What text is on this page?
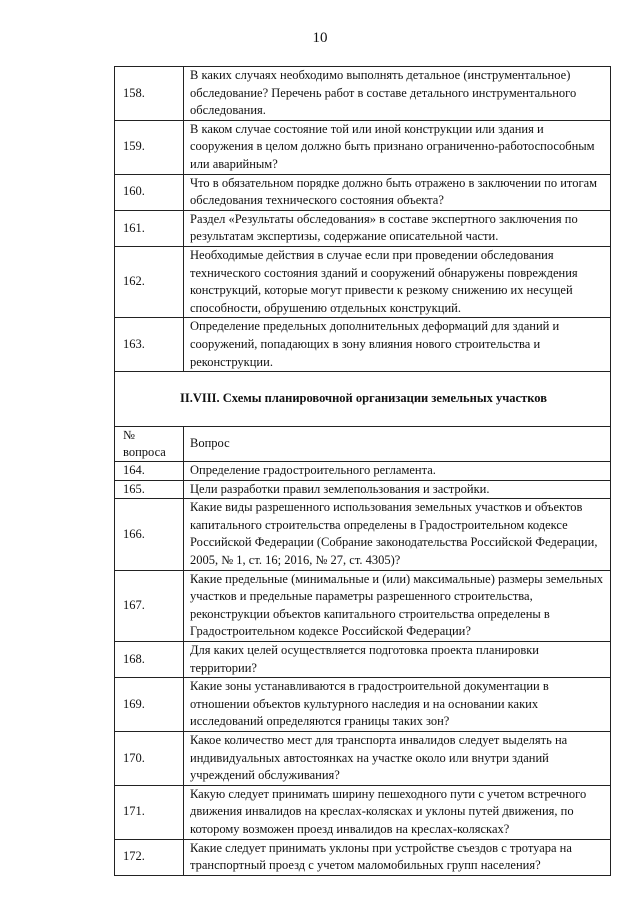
10
158.	В каких случаях необходимо выполнять детальное (инструментальное) обследование? Перечень работ в составе детального инструментального обследования.
159.	В каком случае состояние той или иной конструкции или здания и сооружения в целом должно быть признано ограниченно-работоспособным или аварийным?
160.	Что в обязательном порядке должно быть отражено в заключении по итогам обследования технического состояния объекта?
161.	Раздел «Результаты обследования» в составе экспертного заключения по результатам экспертизы, содержание описательной части.
162.	Необходимые действия в случае если при проведении обследования технического состояния зданий и сооружений обнаружены повреждения конструкций, которые могут привести к резкому снижению их несущей способности, обрушению отдельных конструкций.
163.	Определение предельных дополнительных деформаций для зданий и сооружений, попадающих в зону влияния нового строительства и реконструкции.
II.VIII. Схемы планировочной организации земельных участков	
№ вопроса	Вопрос
164.	Определение градостроительного регламента.
165.	Цели разработки правил землепользования и застройки.
166.	Какие виды разрешенного использования земельных участков и объектов капитального строительства определены в Градостроительном кодексе Российской Федерации (Собрание законодательства Российской Федерации, 2005, № 1, ст. 16; 2016, № 27, ст. 4305)?
167.	Какие предельные (минимальные и (или) максимальные) размеры земельных участков и предельные параметры разрешенного строительства, реконструкции объектов капитального строительства определены в Градостроительном кодексе Российской Федерации?
168.	Для каких целей осуществляется подготовка проекта планировки территории?
169.	Какие зоны устанавливаются в градостроительной документации в отношении объектов культурного наследия и на основании каких исследований определяются границы таких зон?
170.	Какое количество мест для транспорта инвалидов следует выделять на индивидуальных автостоянках на участке около или внутри зданий учреждений обслуживания?
171.	Какую следует принимать ширину пешеходного пути с учетом встречного движения инвалидов на креслах-колясках и уклоны путей движения, по которому возможен проезд инвалидов на креслах-колясках?
172.	Какие следует принимать уклоны при устройстве съездов с тротуара на транспортный проезд с учетом маломобильных групп населения?
